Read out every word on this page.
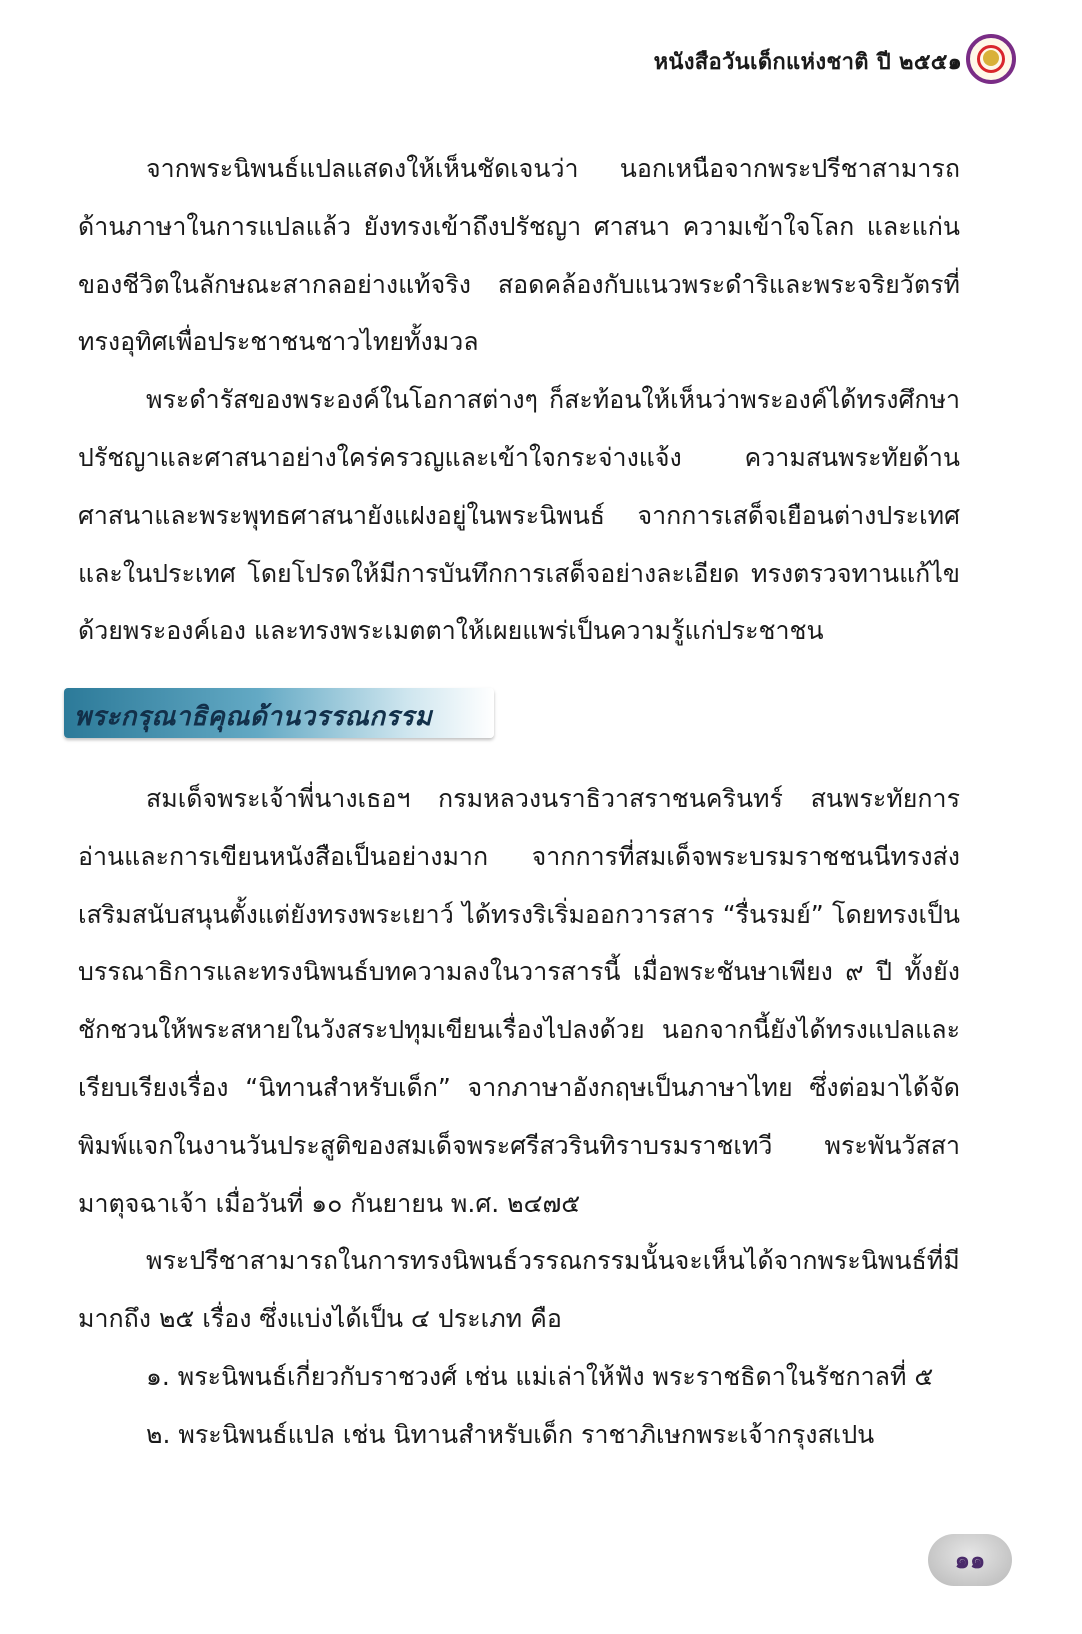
หนังสือวันเด็กแห่งชาติ ปี ๒๕๕๑

จากพระนิพนธ์แปลแสดงให้เห็นชัดเจนว่า นอกเหนือจากพระปรีชาสามารถด้านภาษาในการแปลแล้ว ยังทรงเข้าถึงปรัชญา ศาสนา ความเข้าใจโลก และแก่นของชีวิตในลักษณะสากลอย่างแท้จริง สอดคล้องกับแนวพระดำริและพระจริยวัตรที่ทรงอุทิศเพื่อประชาชนชาวไทยทั้งมวล

พระดำรัสของพระองค์ในโอกาสต่างๆ ก็สะท้อนให้เห็นว่าพระองค์ได้ทรงศึกษาปรัชญาและศาสนาอย่างใคร่ครวญและเข้าใจกระจ่างแจ้ง ความสนพระทัยด้านศาสนาและพระพุทธศาสนายังแฝงอยู่ในพระนิพนธ์ จากการเสด็จเยือนต่างประเทศและในประเทศ โดยโปรดให้มีการบันทึกการเสด็จอย่างละเอียด ทรงตรวจทานแก้ไขด้วยพระองค์เอง และทรงพระเมตตาให้เผยแพร่เป็นความรู้แก่ประชาชน

พระกรุณาธิคุณด้านวรรณกรรม

สมเด็จพระเจ้าพี่นางเธอฯ กรมหลวงนราธิวาสราชนครินทร์ สนพระทัยการอ่านและการเขียนหนังสือเป็นอย่างมาก จากการที่สมเด็จพระบรมราชชนนีทรงส่งเสริมสนับสนุนตั้งแต่ยังทรงพระเยาว์ ได้ทรงริเริ่มออกวารสาร “รื่นรมย์” โดยทรงเป็นบรรณาธิการและทรงนิพนธ์บทความลงในวารสารนี้ เมื่อพระชันษาเพียง ๙ ปี ทั้งยังชักชวนให้พระสหายในวังสระปทุมเขียนเรื่องไปลงด้วย นอกจากนี้ยังได้ทรงแปลและเรียบเรียงเรื่อง “นิทานสำหรับเด็ก” จากภาษาอังกฤษเป็นภาษาไทย ซึ่งต่อมาได้จัดพิมพ์แจกในงานวันประสูติของสมเด็จพระศรีสวรินทิราบรมราชเทวี พระพันวัสสามาตุจฉาเจ้า เมื่อวันที่ ๑๐ กันยายน พ.ศ. ๒๔๗๕

พระปรีชาสามารถในการทรงนิพนธ์วรรณกรรมนั้นจะเห็นได้จากพระนิพนธ์ที่มีมากถึง ๒๕ เรื่อง ซึ่งแบ่งได้เป็น ๔ ประเภท คือ

๑. พระนิพนธ์เกี่ยวกับราชวงศ์ เช่น แม่เล่าให้ฟัง พระราชธิดาในรัชกาลที่ ๕

๒. พระนิพนธ์แปล เช่น นิทานสำหรับเด็ก ราชาภิเษกพระเจ้ากรุงสเปน

๑๑
